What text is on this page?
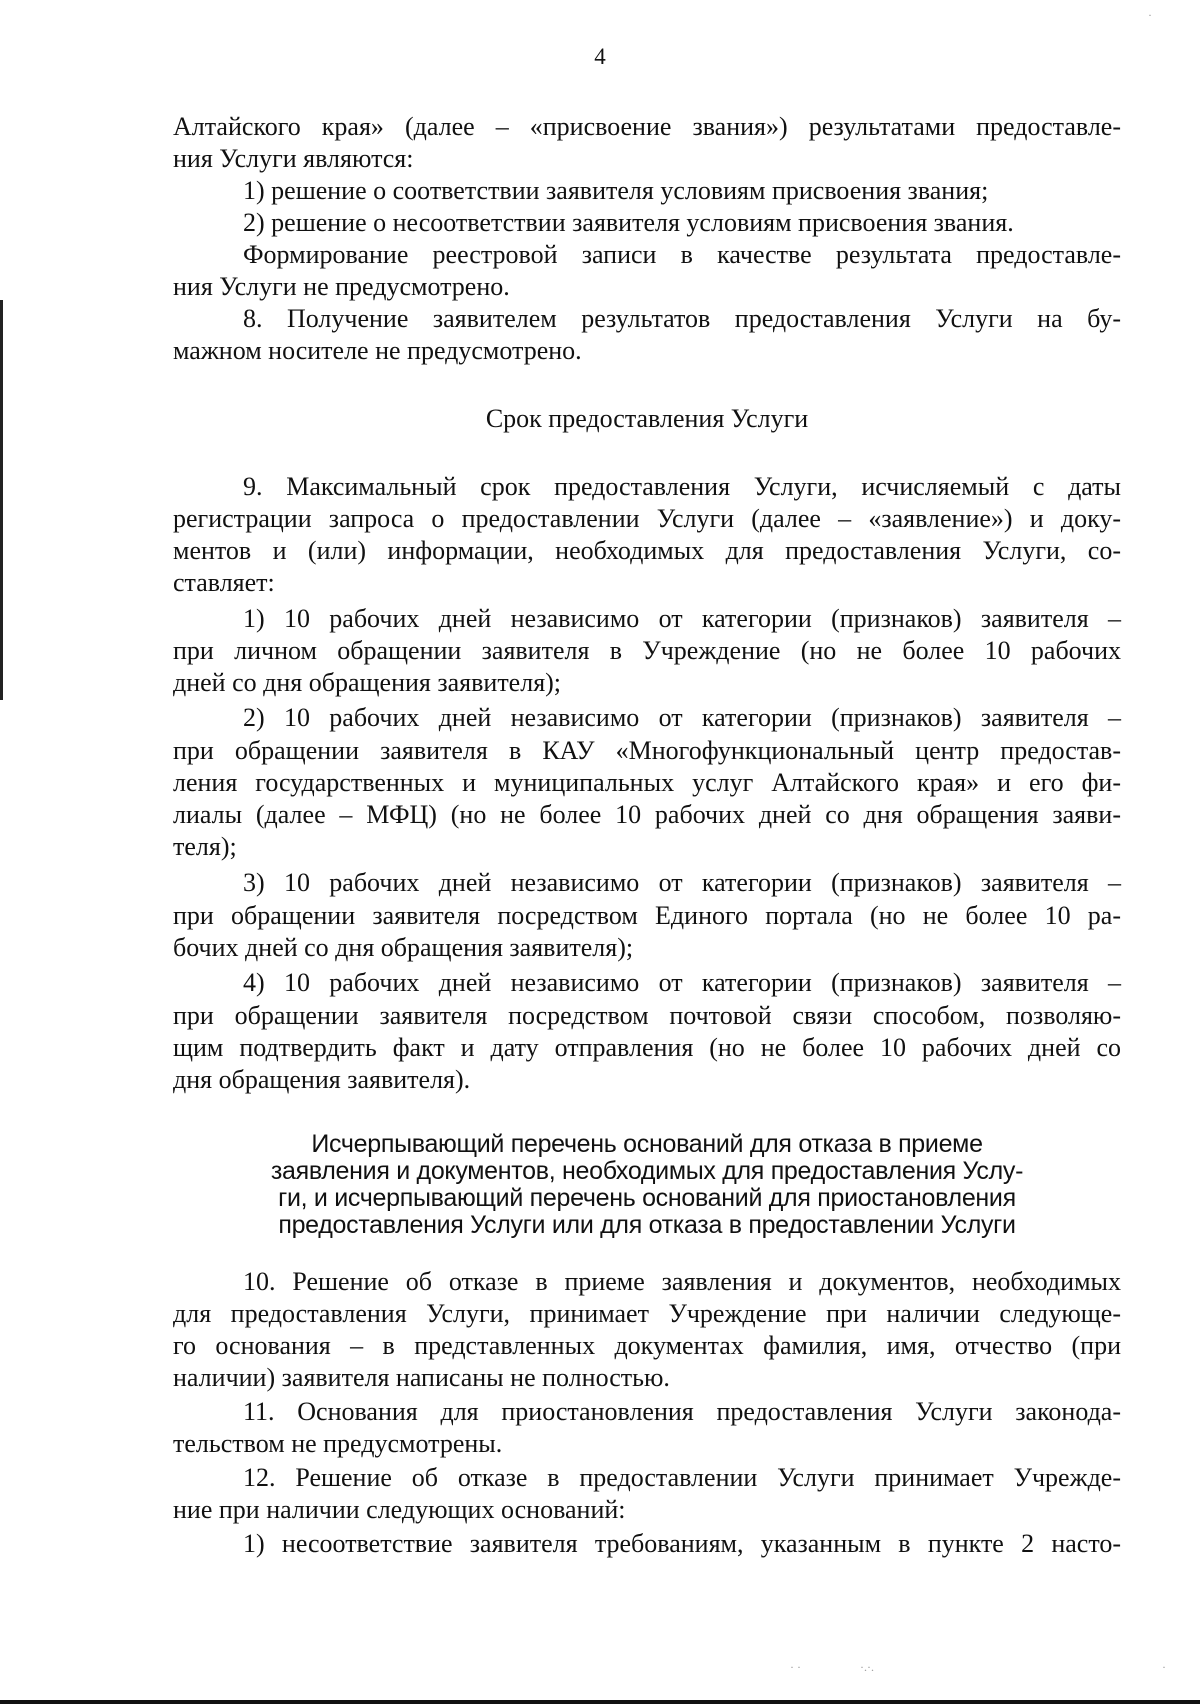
4
Алтайского края» (далее – «присвоение звания») результатами предоставле-
ния Услуги являются:
1) решение о соответствии заявителя условиям присвоения звания;
2) решение о несоответствии заявителя условиям присвоения звания.
Формирование реестровой записи в качестве результата предоставле-
ния Услуги не предусмотрено.
8. Получение заявителем результатов предоставления Услуги на бу-
мажном носителе не предусмотрено.
Срок предоставления Услуги
9. Максимальный срок предоставления Услуги, исчисляемый с даты
регистрации запроса о предоставлении Услуги (далее – «заявление») и доку-
ментов и (или) информации, необходимых для предоставления Услуги, со-
ставляет:
1) 10 рабочих дней независимо от категории (признаков) заявителя –
при личном обращении заявителя в Учреждение (но не более 10 рабочих
дней со дня обращения заявителя);
2) 10 рабочих дней независимо от категории (признаков) заявителя –
при обращении заявителя в КАУ «Многофункциональный центр предостав-
ления государственных и муниципальных услуг Алтайского края» и его фи-
лиалы (далее – МФЦ) (но не более 10 рабочих дней со дня обращения заяви-
теля);
3) 10 рабочих дней независимо от категории (признаков) заявителя –
при обращении заявителя посредством Единого портала (но не более 10 ра-
бочих дней со дня обращения заявителя);
4) 10 рабочих дней независимо от категории (признаков) заявителя –
при обращении заявителя посредством почтовой связи способом, позволяю-
щим подтвердить факт и дату отправления (но не более 10 рабочих дней со
дня обращения заявителя).
Исчерпывающий перечень оснований для отказа в приеме
заявления и документов, необходимых для предоставления Услу-
ги, и исчерпывающий перечень оснований для приостановления
предоставления Услуги или для отказа в предоставлении Услуги
10. Решение об отказе в приеме заявления и документов, необходимых
для предоставления Услуги, принимает Учреждение при наличии следующе-
го основания – в представленных документах фамилия, имя, отчество (при
наличии) заявителя написаны не полностью.
11. Основания для приостановления предоставления Услуги законода-
тельством не предусмотрены.
12. Решение об отказе в предоставлении Услуги принимает Учрежде-
ние при наличии следующих оснований:
1) несоответствие заявителя требованиям, указанным в пункте 2 насто-
·
· ·	·.·.	·
